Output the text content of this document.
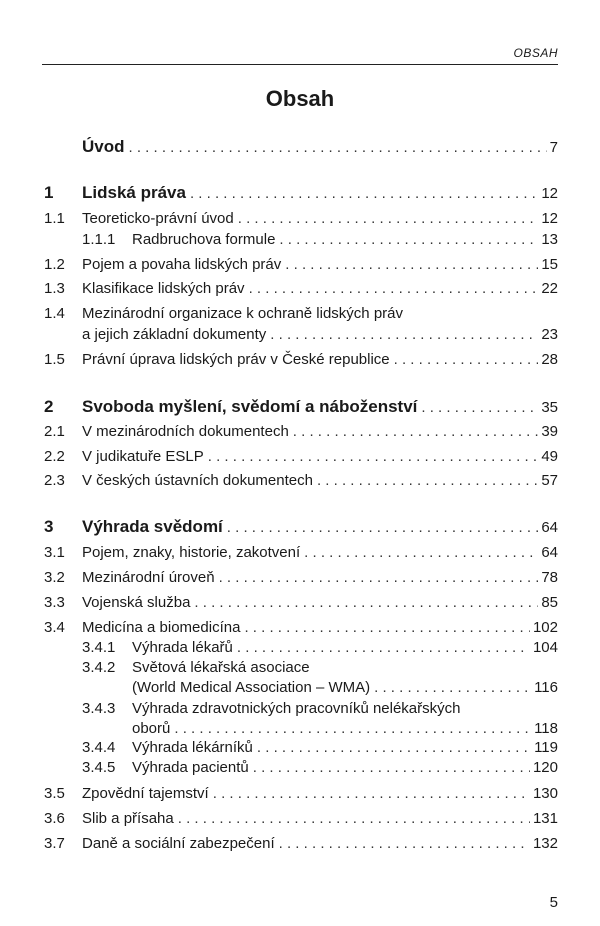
OBSAH
Obsah
Úvod . . .	7
1 Lidská práva . . .	12
1.1 Teoreticko-právní úvod . . .	12
1.1.1 Radbruchova formule . . .	13
1.2 Pojem a povaha lidských práv . . .	15
1.3 Klasifikace lidských práv . . .	22
1.4 Mezinárodní organizace k ochraně lidských práv
a jejich základní dokumenty . . .	23
1.5 Právní úprava lidských práv v České republice . . .	28
2 Svoboda myšlení, svědomí a náboženství . . .	35
2.1 V mezinárodních dokumentech . . .	39
2.2 V judikatuře ESLP . . .	49
2.3 V českých ústavních dokumentech . . .	57
3 Výhrada svědomí . . .	64
3.1 Pojem, znaky, historie, zakotvení . . .	64
3.2 Mezinárodní úroveň . . .	78
3.3 Vojenská služba . . .	85
3.4 Medicína a biomedicína . . .	102
3.4.1 Výhrada lékařů . . .	104
3.4.2 Světová lékařská asociace
(World Medical Association – WMA) . . .	116
3.4.3 Výhrada zdravotnických pracovníků nelékařských
oborů . . .	118
3.4.4 Výhrada lékárníků . . .	119
3.4.5 Výhrada pacientů . . .	120
3.5 Zpovědní tajemství . . .	130
3.6 Slib a přísaha . . .	131
3.7 Daně a sociální zabezpečení . . .	132
5
